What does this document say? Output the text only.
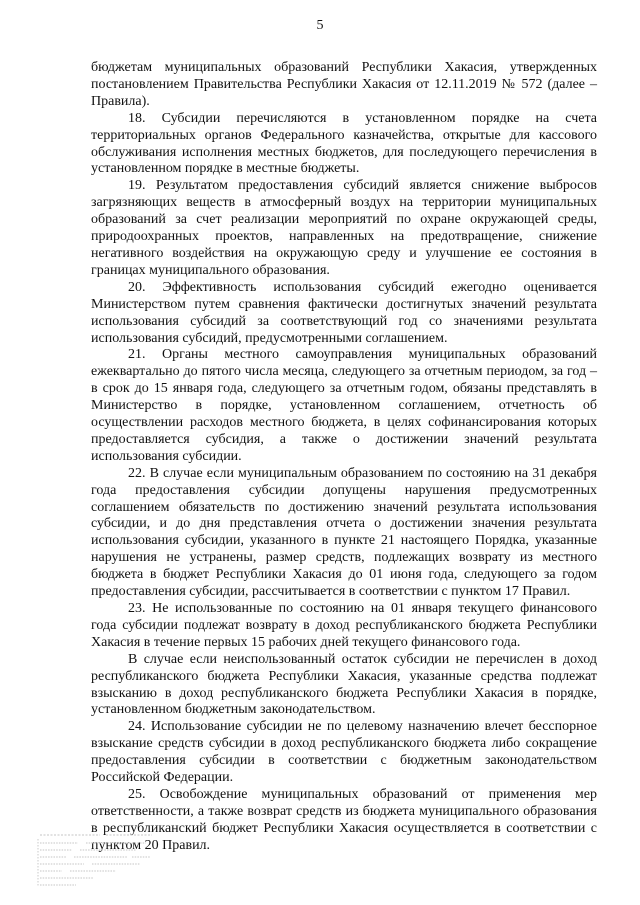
5

бюджетам муниципальных образований Республики Хакасия, утвержденных постановлением Правительства Республики Хакасия от 12.11.2019 № 572 (далее – Правила).

18. Субсидии перечисляются в установленном порядке на счета территориальных органов Федерального казначейства, открытые для кассового обслуживания исполнения местных бюджетов, для последующего перечисления в установленном порядке в местные бюджеты.

19. Результатом предоставления субсидий является снижение выбросов загрязняющих веществ в атмосферный воздух на территории муниципальных образований за счет реализации мероприятий по охране окружающей среды, природоохранных проектов, направленных на предотвращение, снижение негативного воздействия на окружающую среду и улучшение ее состояния в границах муниципального образования.

20. Эффективность использования субсидий ежегодно оценивается Министерством путем сравнения фактически достигнутых значений результата использования субсидий за соответствующий год со значениями результата использования субсидий, предусмотренными соглашением.

21. Органы местного самоуправления муниципальных образований ежеквартально до пятого числа месяца, следующего за отчетным периодом, за год – в срок до 15 января года, следующего за отчетным годом, обязаны представлять в Министерство в порядке, установленном соглашением, отчетность об осуществлении расходов местного бюджета, в целях софинансирования которых предоставляется субсидия, а также о достижении значений результата использования субсидии.

22. В случае если муниципальным образованием по состоянию на 31 декабря года предоставления субсидии допущены нарушения предусмотренных соглашением обязательств по достижению значений результата использования субсидии, и до дня представления отчета о достижении значения результата использования субсидии, указанного в пункте 21 настоящего Порядка, указанные нарушения не устранены, размер средств, подлежащих возврату из местного бюджета в бюджет Республики Хакасия до 01 июня года, следующего за годом предоставления субсидии, рассчитывается в соответствии с пунктом 17 Правил.

23. Не использованные по состоянию на 01 января текущего финансового года субсидии подлежат возврату в доход республиканского бюджета Республики Хакасия в течение первых 15 рабочих дней текущего финансового года.

В случае если неиспользованный остаток субсидии не перечислен в доход республиканского бюджета Республики Хакасия, указанные средства подлежат взысканию в доход республиканского бюджета Республики Хакасия в порядке, установленном бюджетным законодательством.

24. Использование субсидии не по целевому назначению влечет бесспорное взыскание средств субсидии в доход республиканского бюджета либо сокращение предоставления субсидии в соответствии с бюджетным законодательством Российской Федерации.

25. Освобождение муниципальных образований от применения мер ответственности, а также возврат средств из бюджета муниципального образования в республиканский бюджет Республики Хакасия осуществляется в соответствии с пунктом 20 Правил.
